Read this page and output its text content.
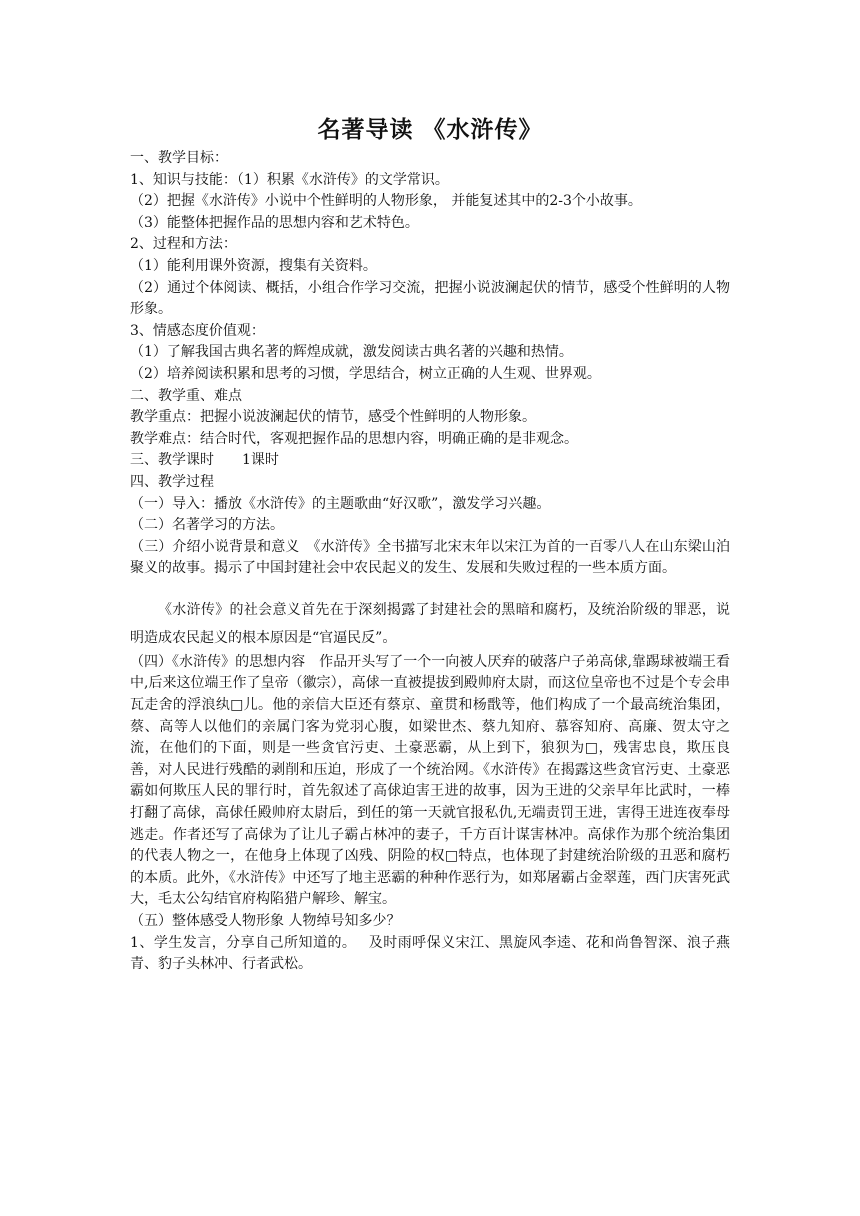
名著导读 《水浒传》

一、教学目标：

1、知识与技能：（1）积累《水浒传》的文学常识。

（2）把握《水浒传》小说中个性鲜明的人物形象， 并能复述其中的2-3个小故事。

（3）能整体把握作品的思想内容和艺术特色。

2、过程和方法：

（1）能利用课外资源，搜集有关资料。

（2）通过个体阅读、概括，小组合作学习交流，把握小说波澜起伏的情节，感受个性鲜明的人物形象。

3、情感态度价值观：

（1）了解我国古典名著的辉煌成就，激发阅读古典名著的兴趣和热情。

（2）培养阅读积累和思考的习惯，学思结合，树立正确的人生观、世界观。

二、教学重、难点

教学重点：把握小说波澜起伏的情节，感受个性鲜明的人物形象。

教学难点：结合时代，客观把握作品的思想内容，明确正确的是非观念。

三、教学课时　　1课时

四、教学过程

（一）导入：播放《水浒传》的主题歌曲“好汉歌”，激发学习兴趣。

（二）名著学习的方法。

（三）介绍小说背景和意义　《水浒传》全书描写北宋末年以宋江为首的一百零八人在山东梁山泊聚义的故事。揭示了中国封建社会中农民起义的发生、发展和失败过程的一些本质方面。

《水浒传》的社会意义首先在于深刻揭露了封建社会的黑暗和腐朽，及统治阶级的罪恶，说明造成农民起义的根本原因是“官逼民反”。

（四）《水浒传》的思想内容　作品开头写了一个一向被人厌弃的破落户子弟高俅,靠踢球被端王看中,后来这位端王作了皇帝（徽宗），高俅一直被提拔到殿帅府太尉，而这位皇帝也不过是个专会串瓦走舍的浮浪纨□儿。他的亲信大臣还有蔡京、童贯和杨戬等，他们构成了一个最高统治集团，蔡、高等人以他们的亲属门客为党羽心腹，如梁世杰、蔡九知府、慕容知府、高廉、贺太守之流，在他们的下面，则是一些贪官污吏、土豪恶霸，从上到下，狼狈为□，残害忠良，欺压良善，对人民进行残酷的剥削和压迫，形成了一个统治网。《水浒传》在揭露这些贪官污吏、土豪恶霸如何欺压人民的罪行时，首先叙述了高俅迫害王进的故事，因为王进的父亲早年比武时，一棒打翻了高俅，高俅任殿帅府太尉后，到任的第一天就官报私仇,无端责罚王进，害得王进连夜奉母逃走。作者还写了高俅为了让儿子霸占林冲的妻子，千方百计谋害林冲。高俅作为那个统治集团的代表人物之一，在他身上体现了凶残、阴险的权□特点，也体现了封建统治阶级的丑恶和腐朽的本质。此外，《水浒传》中还写了地主恶霸的种种作恶行为，如郑屠霸占金翠莲，西门庆害死武大，毛太公勾结官府构陷猎户解珍、解宝。

（五）整体感受人物形象 人物绰号知多少？

1、学生发言，分享自己所知道的。　 及时雨呼保义宋江、黑旋风李逵、花和尚鲁智深、浪子燕青、豹子头林冲、行者武松。
